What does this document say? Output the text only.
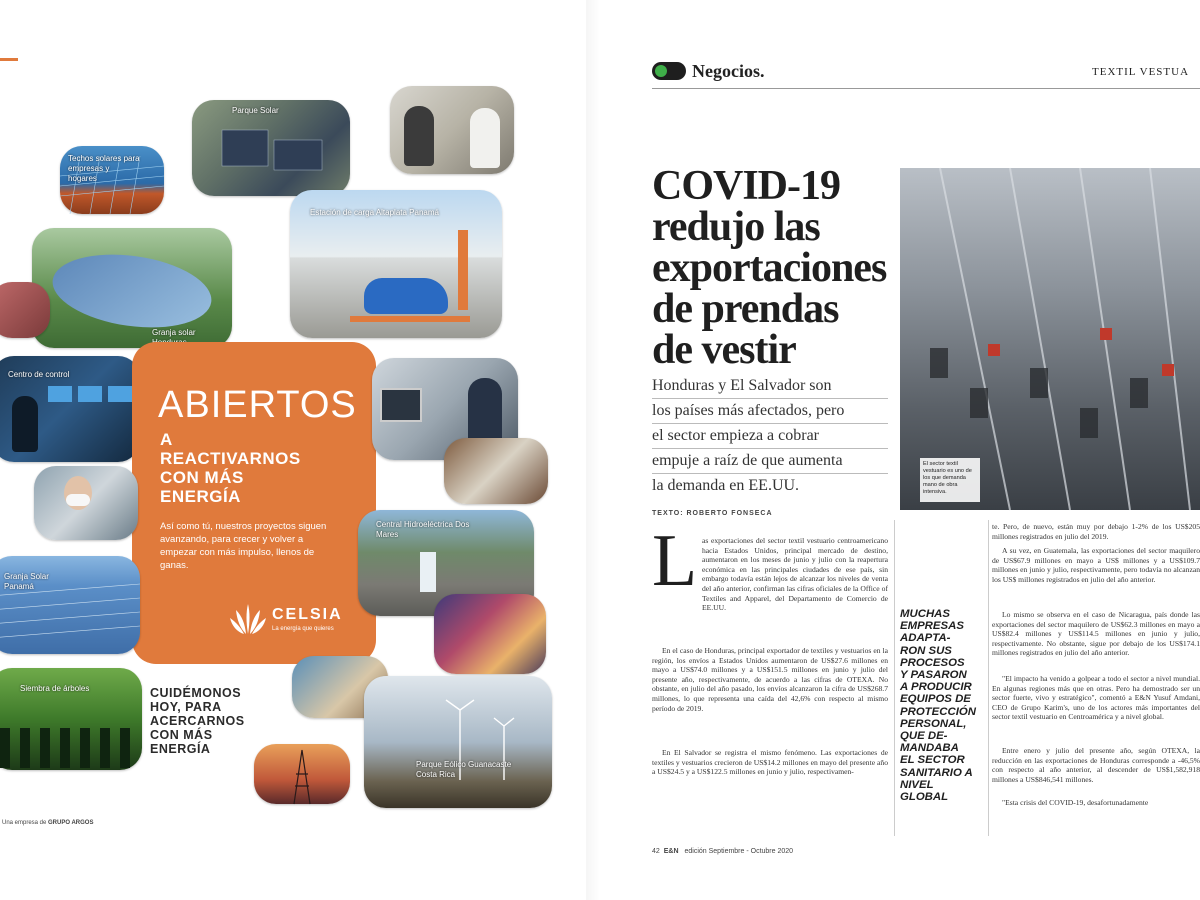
Techos solares para empresas y hogares
Parque Solar
Granja solar
Estación de carga Altaplata Panamá
Centro de control
ABIERTOS
A
REACTIVARNOS
CON MÁS
ENERGÍA
Así como tú, nuestros proyectos siguen avanzando, para crecer y volver a empezar con más impulso, llenos de ganas.
CELSIA
La energía que quieres
Granja Solar Panamá
Central Hidroeléctrica Dos Mares
Siembra de árboles	CUIDÉMONOS
HOY, PARA
ACERCARNOS
CON MÁS
ENERGÍA
Parque Eólico Guanacaste Costa Rica
Una empresa de GRUPO ARGOS
Negocios.	TEXTIL VESTUA
COVID-19
redujo las
exportaciones
de prendas
de vestir
Honduras y El Salvador son
los países más afectados, pero
el sector empieza a cobrar
empuje a raíz de que aumenta
la demanda en EE.UU.
El sector textil vestuario es uno de los que demanda mano de obra intensiva.
TEXTO: ROBERTO FONSECA
L as exportaciones del sector textil vestuario centroamericano hacia Estados Unidos, principal mercado de destino, aumentaron en los meses de junio y julio con la reapertura económica en las principales ciudades de ese país, sin embargo todavía están lejos de alcanzar los niveles de venta del año anterior, confirman las cifras oficiales de la Office of Textiles and Apparel, del Departamento de Comercio de EE.UU.
En el caso de Honduras, principal exportador de textiles y vestuarios en la región, los envíos a Estados Unidos aumentaron de US$27.6 millones en mayo a US$74.0 millones y a US$151.5 millones en junio y julio del presente año, respectivamente, de acuerdo a las cifras de OTEXA. No obstante, en julio del año pasado, los envíos alcanzaron la cifra de US$268.7 millones, lo que representa una caída del 42,6% con respecto al mismo período de 2019.
En El Salvador se registra el mismo fenómeno. Las exportaciones de textiles y vestuarios crecieron de US$14.2 millones en mayo del presente año a US$24.5 y a US$122.5 millones en junio y julio, respectivamen-
MUCHAS
EMPRESAS
ADAPTA-
RON SUS
PROCESOS
Y PASARON
A PRODUCIR
EQUIPOS DE
PROTECCIÓN
PERSONAL,
QUE DE-
MANDABA
EL SECTOR
SANITARIO A
NIVEL
GLOBAL
te. Pero, de nuevo, están muy por debajo 1-2% de los US$205 millones registrados en julio del 2019.
A su vez, en Guatemala, las exportaciones del sector maquilero de US$67.9 millones en mayo a US$ millones y a US$109.7 millones en junio y julio, respectivamente, pero todavía no alcanzan los US$ millones registrados en julio del año anterior.
Lo mismo se observa en el caso de Nicaragua, país donde las exportaciones del sector maquilero de US$62.3 millones en mayo a US$82.4 millones y US$114.5 millones en junio y julio, respectivamente. No obstante, sigue por debajo de los US$174.1 millones registrados en julio del año anterior.
"El impacto ha venido a golpear a todo el sector a nivel mundial. En algunas regiones más que en otras. Pero ha demostrado ser un sector fuerte, vivo y estratégico", comentó a E&N Yusuf Amdani, CEO de Grupo Karim's, uno de los actores más importantes del sector textil vestuario en Centroamérica y a nivel global.
Entre enero y julio del presente año, según OTEXA, la reducción en las exportaciones de Honduras corresponde a -46,5% con respecto al año anterior, al descender de US$1,582,918 millones a US$846,541 millones.
"Esta crisis del COVID-19, desafortunadamente
42 E&N edición Septiembre - Octubre 2020
